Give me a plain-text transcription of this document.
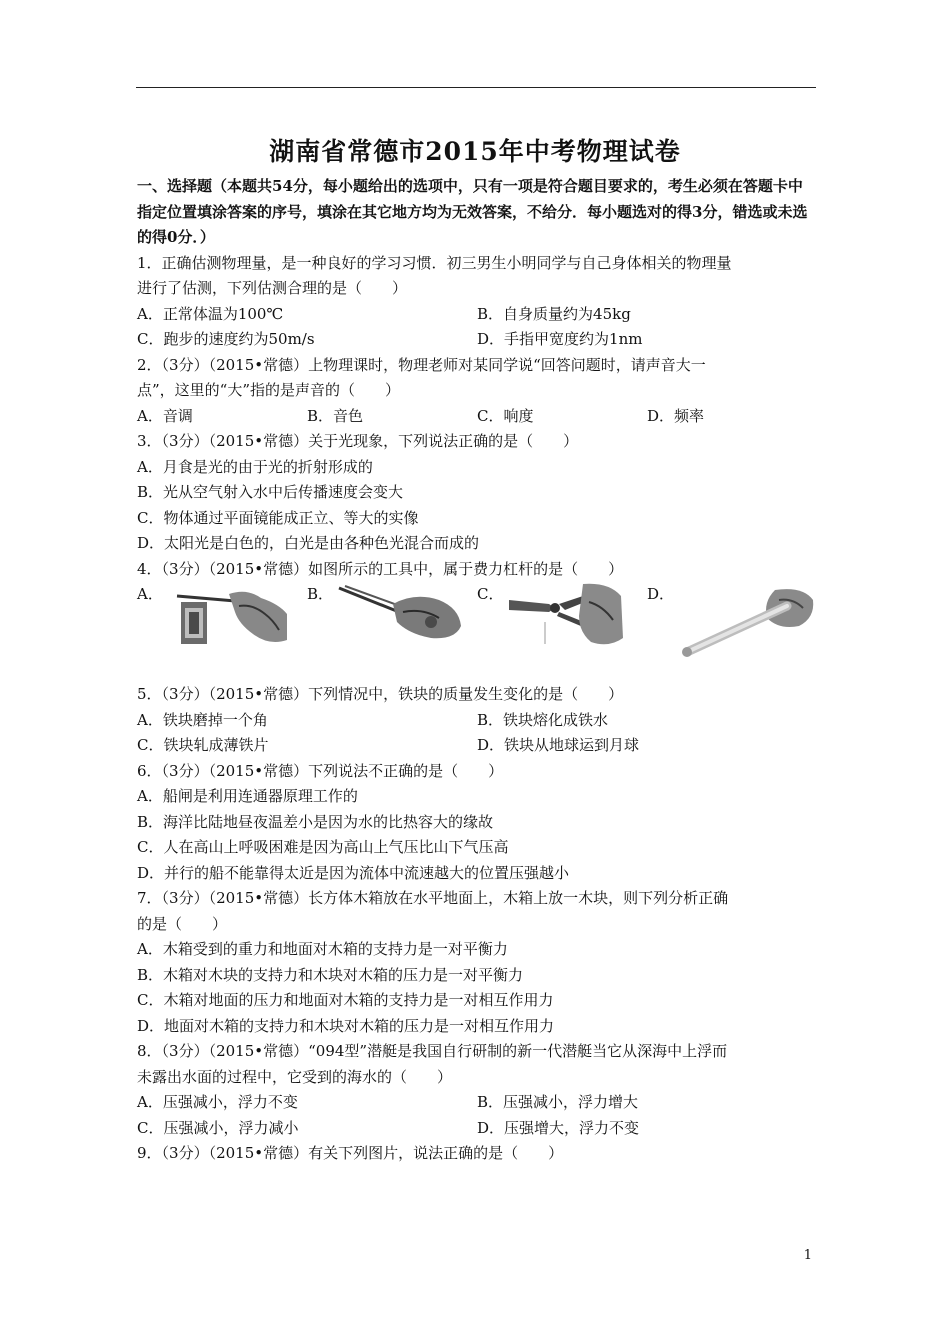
湖南省常德市2015年中考物理试卷

一、选择题（本题共54分，每小题给出的选项中，只有一项是符合题目要求的，考生必须在答题卡中指定位置填涂答案的序号，填涂在其它地方均为无效答案，不给分．每小题选对的得3分，错选或未选的得0分．）

1．正确估测物理量，是一种良好的学习习惯．初三男生小明同学与自己身体相关的物理量
进行了估测，下列估测合理的是（　　）
A．正常体温为100℃	B．自身质量约为45kg
C．跑步的速度约为50m/s	D．手指甲宽度约为1nm
2．（3分）（2015•常德）上物理课时，物理老师对某同学说“回答问题时，请声音大一
点”，这里的“大”指的是声音的（　　）
A．音调	B．音色	C．响度	D．频率
3．（3分）（2015•常德）关于光现象，下列说法正确的是（　　）
A．月食是光的由于光的折射形成的
B．光从空气射入水中后传播速度会变大
C．物体通过平面镜能成正立、等大的实像
D．太阳光是白色的，白光是由各种色光混合而成的
4．（3分）（2015•常德）如图所示的工具中，属于费力杠杆的是（　　）
A．	B．	C．	D．
5．（3分）（2015•常德）下列情况中，铁块的质量发生变化的是（　　）
A．铁块磨掉一个角	B．铁块熔化成铁水
C．铁块轧成薄铁片	D．铁块从地球运到月球
6．（3分）（2015•常德）下列说法不正确的是（　　）
A．船闸是利用连通器原理工作的
B．海洋比陆地昼夜温差小是因为水的比热容大的缘故
C．人在高山上呼吸困难是因为高山上气压比山下气压高
D．并行的船不能靠得太近是因为流体中流速越大的位置压强越小
7．（3分）（2015•常德）长方体木箱放在水平地面上，木箱上放一木块，则下列分析正确
的是（　　）
A．木箱受到的重力和地面对木箱的支持力是一对平衡力
B．木箱对木块的支持力和木块对木箱的压力是一对平衡力
C．木箱对地面的压力和地面对木箱的支持力是一对相互作用力
D．地面对木箱的支持力和木块对木箱的压力是一对相互作用力
8．（3分）（2015•常德）“094型”潜艇是我国自行研制的新一代潜艇当它从深海中上浮而
未露出水面的过程中，它受到的海水的（　　）
A．压强减小，浮力不变	B．压强减小，浮力增大
C．压强减小，浮力减小	D．压强增大，浮力不变
9．（3分）（2015•常德）有关下列图片，说法正确的是（　　）
1
